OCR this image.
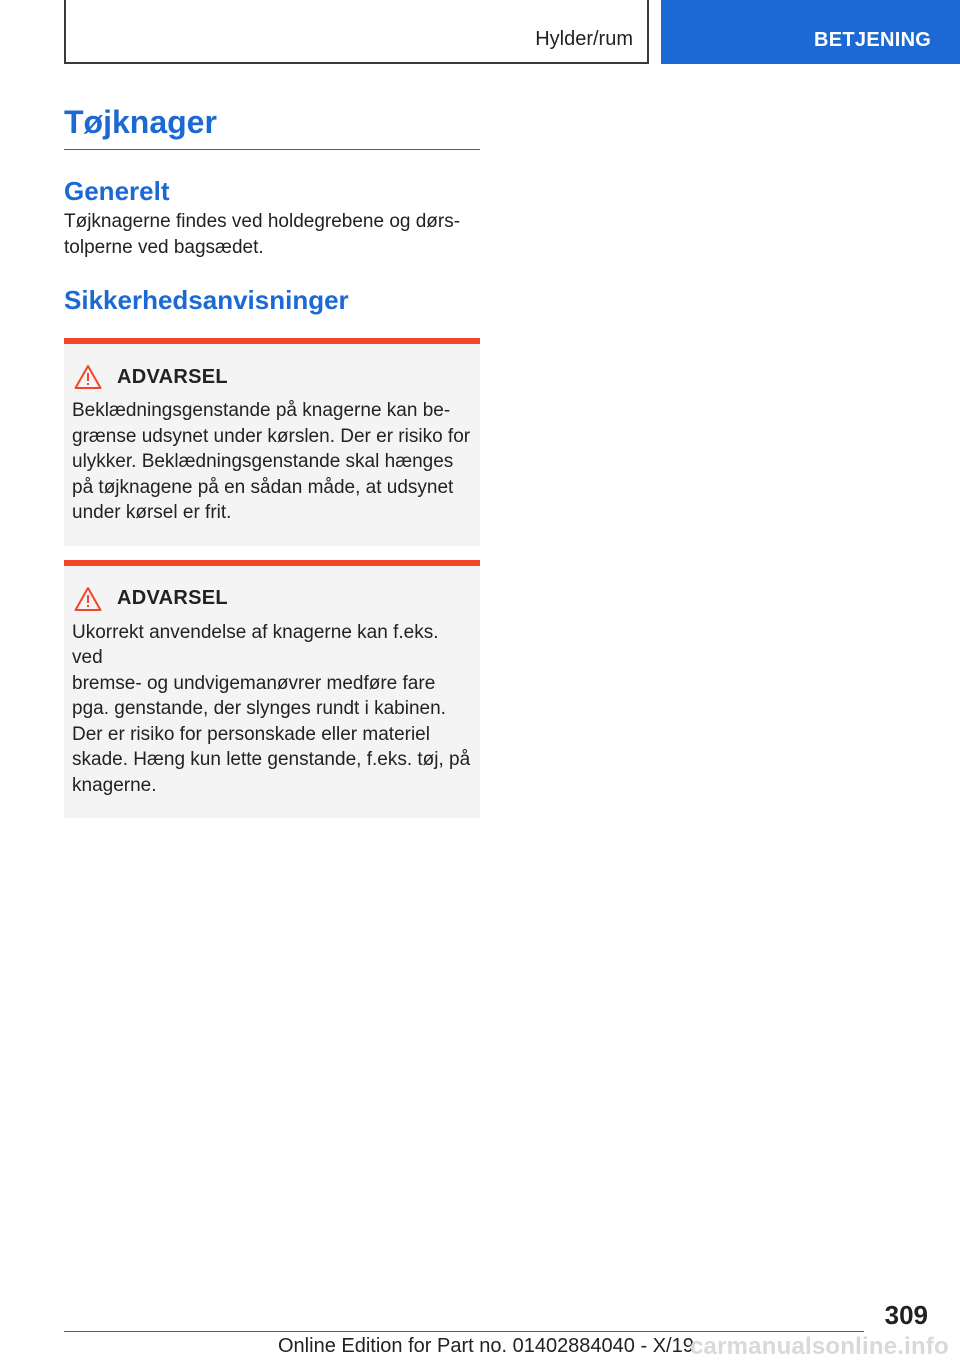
Hylder/rum	BETJENING
Tøjknager
Generelt

Tøjknagerne findes ved holdegrebene og dørs-
tolperne ved bagsædet.

Sikkerhedsanvisninger
ADVARSEL

Beklædningsgenstande på knagerne kan be-
grænse udsynet under kørslen. Der er risiko for
ulykker. Beklædningsgenstande skal hænges
på tøjknagene på en sådan måde, at udsynet
under kørsel er frit.

ADVARSEL

Ukorrekt anvendelse af knagerne kan f.eks. ved
bremse- og undvigemanøvrer medføre fare
pga. genstande, der slynges rundt i kabinen.
Der er risiko for personskade eller materiel
skade. Hæng kun lette genstande, f.eks. tøj, på
knagerne.

309
Online Edition for Part no. 01402884040 - X/19
carmanualsonline.info
